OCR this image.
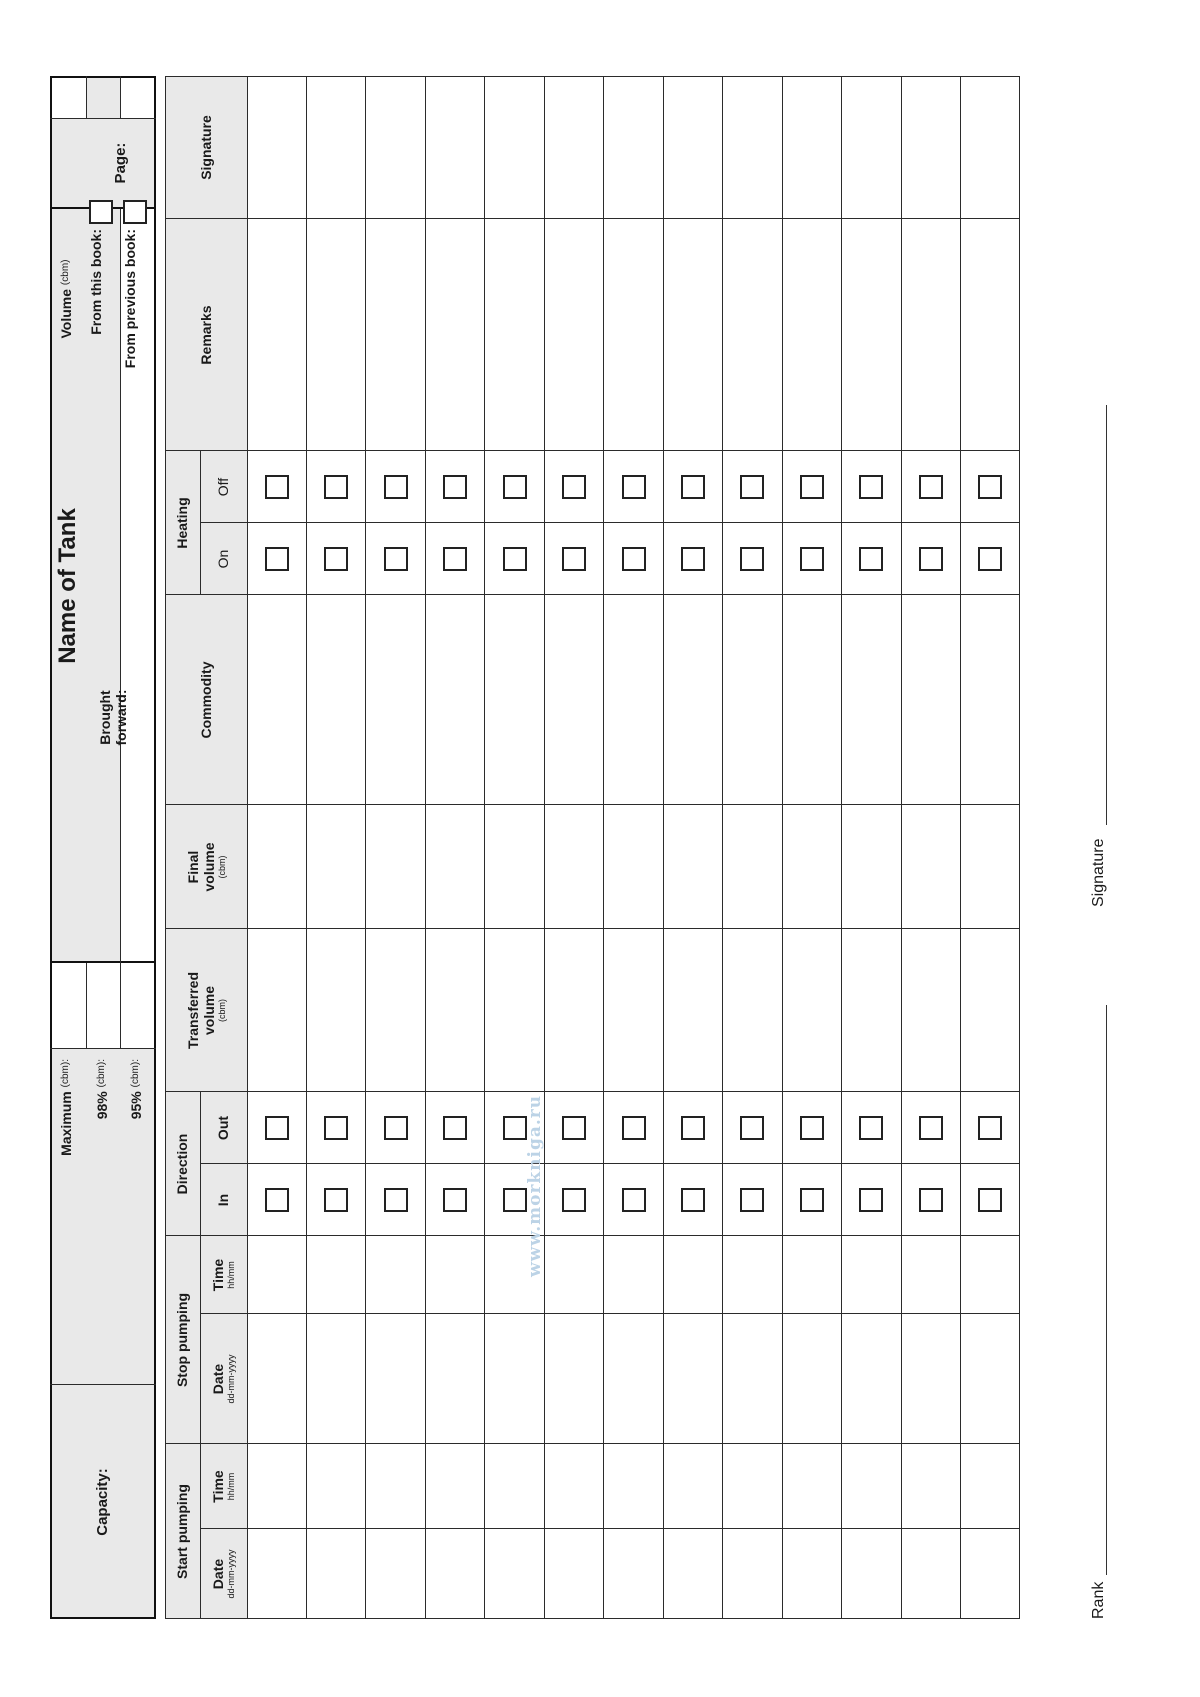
Capacity:
Maximum

(cbm):
98%

(cbm):
95%

(cbm):
Name of Tank
Brought forward:
Volume

(cbm) From this book: From previous book:
Page:
Start pumping
Stop pumping
Direction
Heating
Date dd-mm-yyyy
Time hh/mm
Date dd-mm-yyyy
Time hh/mm
In
Out
Transferred volume (cbm)
Final volume (cbm)
Commodity
On
Off
Remarks
Signature
Rank
Signature
www.morkniga.ru
